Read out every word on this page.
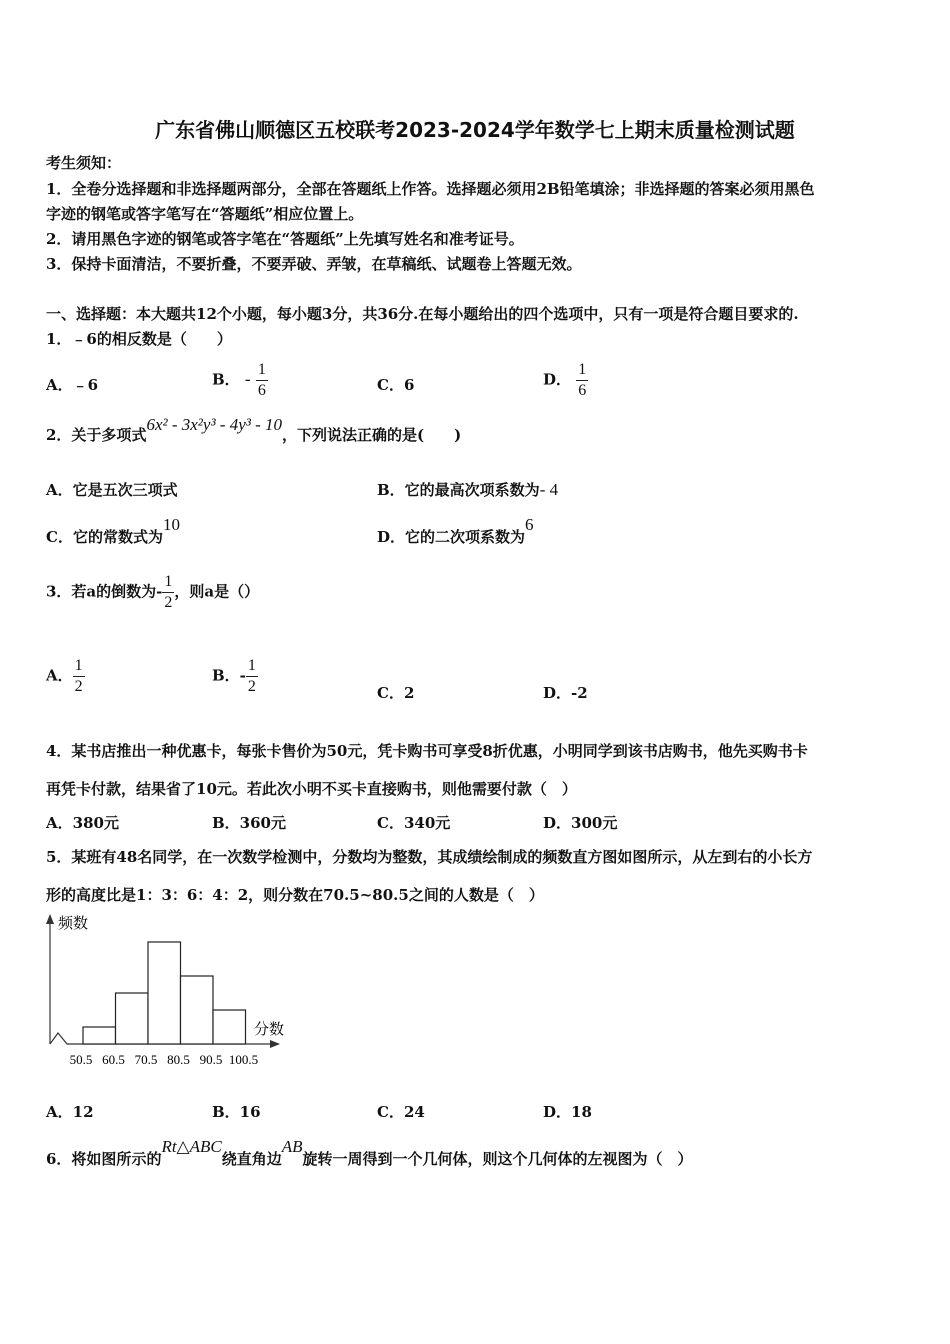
广东省佛山顺德区五校联考2023-2024学年数学七上期末质量检测试题
考生须知：
1．全卷分选择题和非选择题两部分，全部在答题纸上作答。选择题必须用2B铅笔填涂；非选择题的答案必须用黑色
字迹的钢笔或答字笔写在“答题纸”相应位置上。
2．请用黑色字迹的钢笔或答字笔在“答题纸”上先填写姓名和准考证号。
3．保持卡面清洁，不要折叠，不要弄破、弄皱，在草稿纸、试题卷上答题无效。
一、选择题：本大题共12个小题，每小题3分，共36分.在每小题给出的四个选项中，只有一项是符合题目要求的.
1．﹣6的相反数是（　　）
A．﹣6	B． - $\frac{1}{6}$	C．6	D． $\frac{1}{6}$
2．关于多项式6x² - 3x²y³ - 4y³ - 10，下列说法正确的是(　　)
A．它是五次三项式	B．它的最高次项系数为- 4
C．它的常数式为10
D．它的二次项系数为6
3．若a的倒数为- $\frac{1}{2}$ ，则a是（）
A． $\frac{1}{2}$	B．- $\frac{1}{2}$	C．2	D．-2
4．某书店推出一种优惠卡，每张卡售价为50元，凭卡购书可享受8折优惠，小明同学到该书店购书，他先买购书卡
再凭卡付款，结果省了10元。若此次小明不买卡直接购书，则他需要付款（　）
A．380元	B．360元	C．340元	D．300元
5．某班有48名同学，在一次数学检测中，分数均为整数，其成绩绘制成的频数直方图如图所示，从左到右的小长方
形的高度比是1：3：6：4：2，则分数在70.5~80.5之间的人数是（　）
频数
分数
50.5 60.5 70.5 80.5 90.5 100.5
A．12	B．16	C．24	D．18
6．将如图所示的Rt△ABC绕直角边AB旋转一周得到一个几何体，则这个几何体的左视图为（　）
